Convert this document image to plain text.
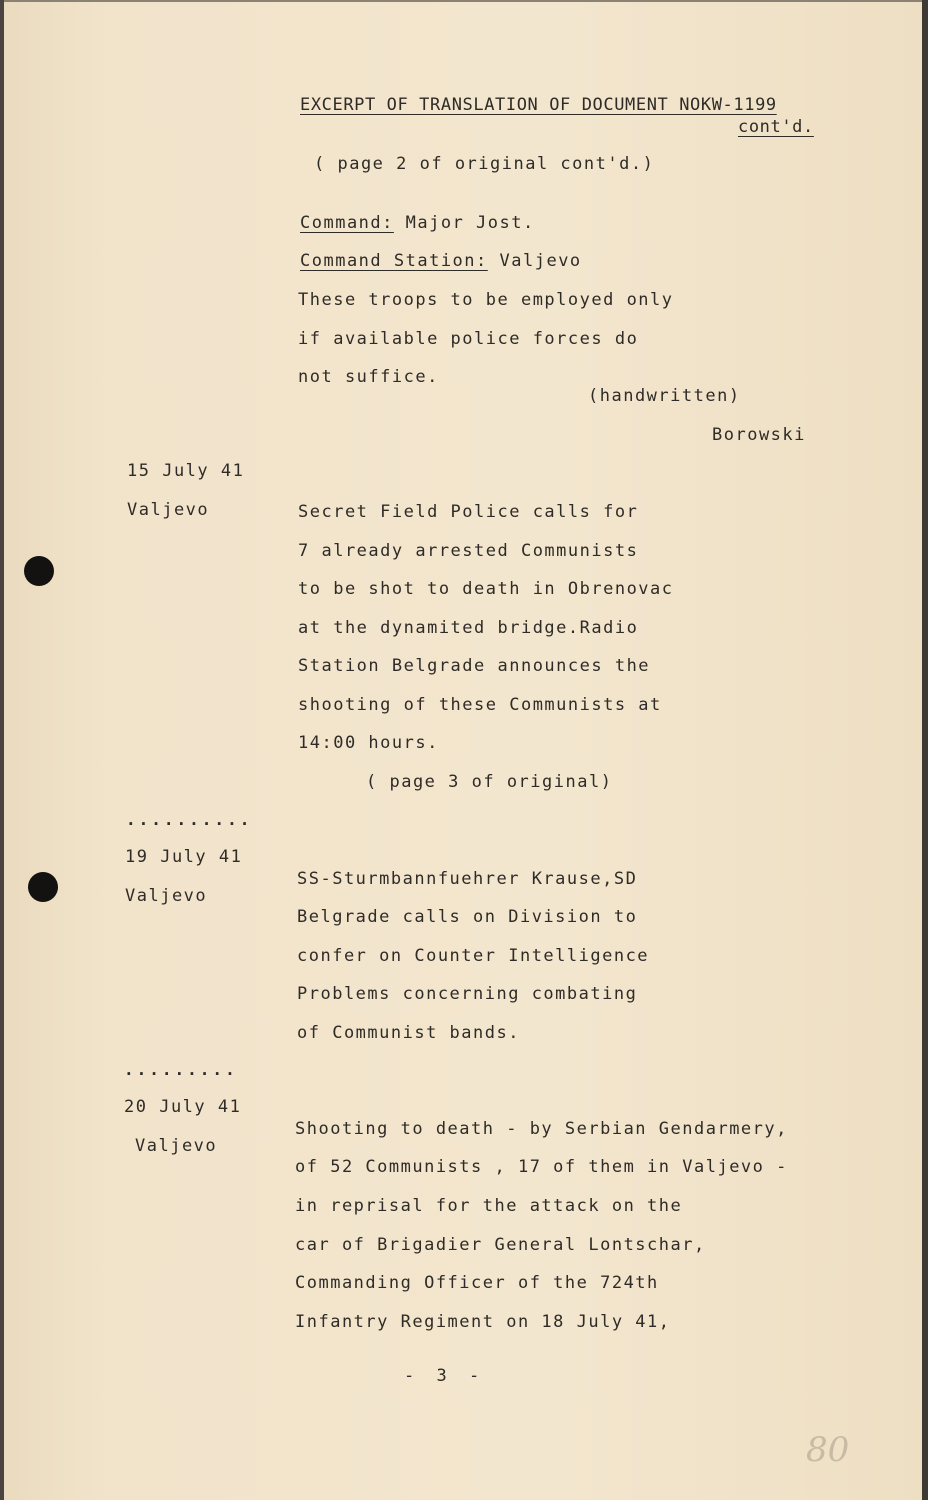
EXCERPT OF TRANSLATION OF DOCUMENT NOKW-1199
cont'd.
( page 2 of original cont'd.)
Command: Major Jost.
Command Station: Valjevo
These troops to be employed only
if available police forces do
not suffice.
(handwritten)
Borowski
15 July 41
Valjevo	Secret Field Police calls for
7 already arrested Communists
to be shot to death in Obrenovac
at the dynamited bridge.Radio
Station Belgrade announces the
shooting of these Communists at
14:00 hours.
( page 3 of original)
..........
19 July 41
Valjevo
SS-Sturmbannfuehrer Krause,SD
Belgrade calls on Division to
confer on Counter Intelligence
Problems concerning combating
of Communist bands.
.........
20 July 41
Valjevo
Shooting to death - by Serbian Gendarmery,
of 52 Communists , 17 of them in Valjevo -
in reprisal for the attack on the
car of Brigadier General Lontschar,
Commanding Officer of the 724th
Infantry Regiment on 18 July 41,
- 3 -
80
